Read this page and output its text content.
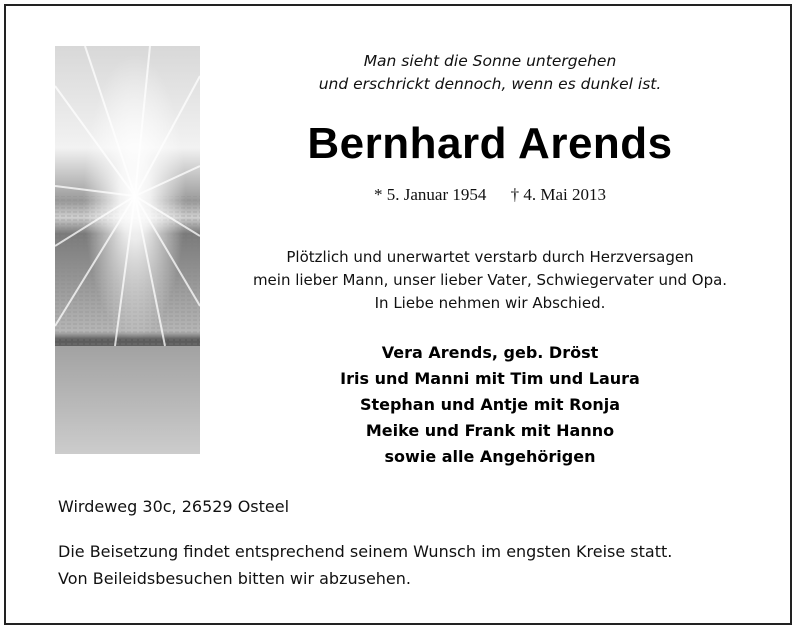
Man sieht die Sonne untergehen
und erschrickt dennoch, wenn es dunkel ist.
Bernhard Arends
* 5. Januar 1954 † 4. Mai 2013
Plötzlich und unerwartet verstarb durch Herzversagen
mein lieber Mann, unser lieber Vater, Schwiegervater und Opa.
In Liebe nehmen wir Abschied.
Vera Arends, geb. Dröst
Iris und Manni mit Tim und Laura
Stephan und Antje mit Ronja
Meike und Frank mit Hanno
sowie alle Angehörigen
Wirdeweg 30c, 26529 Osteel
Die Beisetzung findet entsprechend seinem Wunsch im engsten Kreise statt.
Von Beileidsbesuchen bitten wir abzusehen.
